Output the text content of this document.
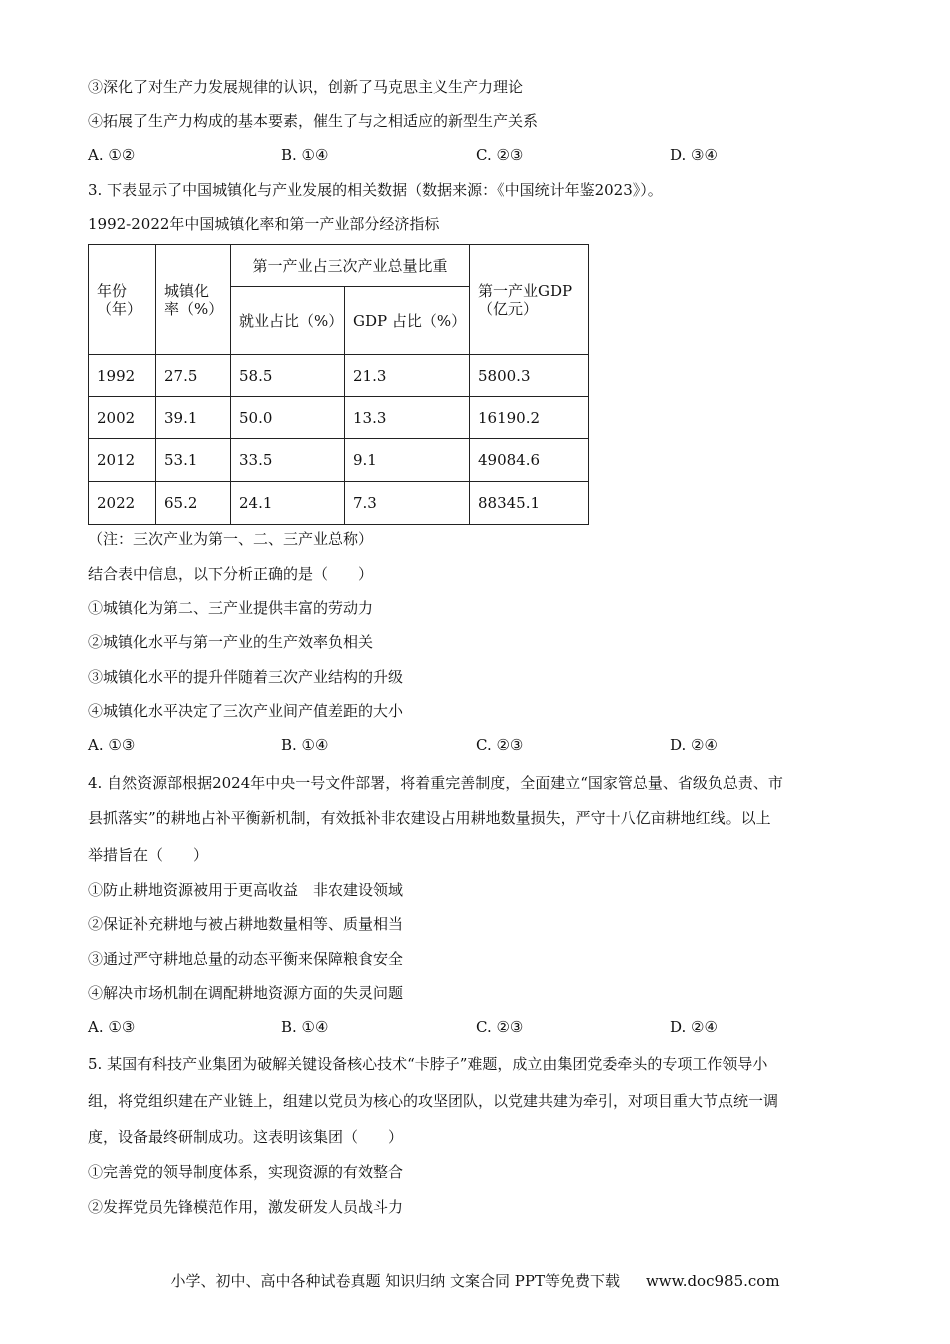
③深化了对生产力发展规律的认识，创新了马克思主义生产力理论
④拓展了生产力构成的基本要素，催生了与之相适应的新型生产关系
A. ①②	B. ①④	C. ②③	D. ③④
3. 下表显示了中国城镇化与产业发展的相关数据（数据来源：《中国统计年鉴2023》）。
1992-2022年中国城镇化率和第一产业部分经济指标
年份（年）	城镇化率（%）	第一产业占三次产业总量比重		第一产业GDP（亿元）
		就业占比（%）	GDP 占比（%）	
1992	27.5	58.5	21.3	5800.3
2002	39.1	50.0	13.3	16190.2
2012	53.1	33.5	9.1	49084.6
2022	65.2	24.1	7.3	88345.1
（注：三次产业为第一、二、三产业总称）
结合表中信息，以下分析正确的是（　　）
①城镇化为第二、三产业提供丰富的劳动力
②城镇化水平与第一产业的生产效率负相关
③城镇化水平的提升伴随着三次产业结构的升级
④城镇化水平决定了三次产业间产值差距的大小
A. ①③	B. ①④	C. ②③	D. ②④
4. 自然资源部根据2024年中央一号文件部署，将着重完善制度，全面建立“国家管总量、省级负总责、市
县抓落实”的耕地占补平衡新机制，有效抵补非农建设占用耕地数量损失，严守十八亿亩耕地红线。以上
举措旨在（　　）
①防止耕地资源被用于更高收益　非农建设领域
②保证补充耕地与被占耕地数量相等、质量相当
③通过严守耕地总量的动态平衡来保障粮食安全
④解决市场机制在调配耕地资源方面的失灵问题
A. ①③	B. ①④	C. ②③	D. ②④
5. 某国有科技产业集团为破解关键设备核心技术“卡脖子”难题，成立由集团党委牵头的专项工作领导小
组，将党组织建在产业链上，组建以党员为核心的攻坚团队，以党建共建为牵引，对项目重大节点统一调
度，设备最终研制成功。这表明该集团（　　）
①完善党的领导制度体系，实现资源的有效整合
②发挥党员先锋模范作用，激发研发人员战斗力
小学、初中、高中各种试卷真题 知识归纳 文案合同 PPT等免费下载 www.doc985.com
